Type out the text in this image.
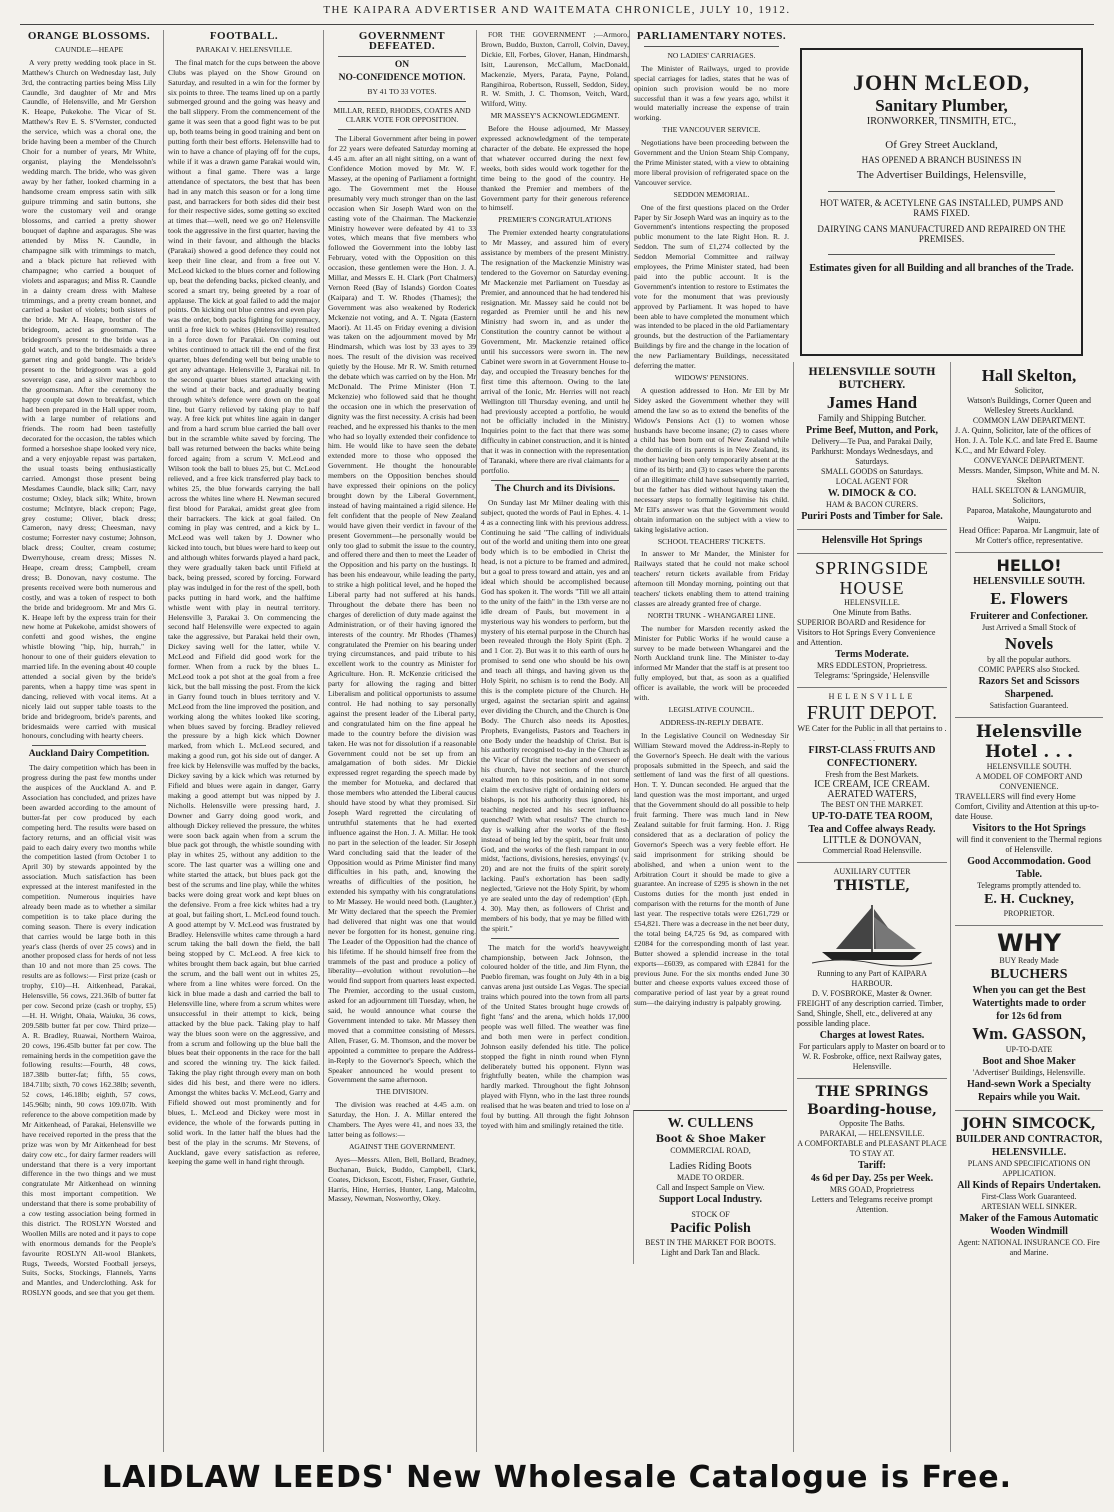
THE KAIPARA ADVERTISER AND WAITEMATA CHRONICLE, JULY 10, 1912.
ORANGE BLOSSOMS.
CAUNDLE—HEAPE

A very pretty wedding took place in St. Matthew's Church on Wednesday last, July 3rd, the contracting parties being Miss Lily Caundle, 3rd daughter of Mr and Mrs Caundle, of Helensville, and Mr Gershon K. Heape, Pukekohe. The Vicar of St. Matthew's Rev E. S. S'Vernster, conducted the service, which was a choral one, the bride having been a member of the Church Choir for a number of years, Mr White, organist, playing the Mendelssohn's wedding march. The bride, who was given away by her father, looked charming in a handsome cream empress satin with silk guipure trimming and satin buttons, she wore the customary veil and orange blossoms, and carried a pretty shower bouquet of daphne and asparagus. She was attended by Miss N. Caundle, in champagne silk with trimmings to match, and a black picture hat relieved with champagne; who carried a bouquet of violets and asparagus; and Miss R. Caundle in a dainty cream dress with Maltese trimmings, and a pretty cream bonnet, and carried a basket of violets; both sisters of the bride. Mr A. Heape, brother of the bridegroom, acted as groomsman. The bridegroom's present to the bride was a gold watch, and to the bridesmaids a three garnet ring and gold bangle. The bride's present to the bridegroom was a gold sovereign case, and a silver matchbox to the groomsman. After the ceremony the happy couple sat down to breakfast, which had been prepared in the Hall upper room, with a large number of relations and friends. The room had been tastefully decorated for the occasion, the tables which formed a horseshoe shape looked very nice, and a very enjoyable repast was partaken, the usual toasts being enthusiastically carried. Amongst those present being Mesdames Caundle, black silk; Carr, navy costume; Oxley, black silk; White, brown costume; McIntyre, black crepon; Page, grey costume; Oliver, black dress; Cameron, navy dress; Cheesman, navy costume; Forrester navy costume; Johnson, black dress; Coulter, cream costume; Dwerryhouse, cream dress; Misses N. Heape, cream dress; Campbell, cream dress; B. Donovan, navy costume. The presents received were both numerous and costly, and was a token of respect to both the bride and bridegroom. Mr and Mrs G. K. Heape left by the express train for their new home at Pukekohe, amidst showers of confetti and good wishes, the engine whistle blowing "hip, hip, hurrah," in honour to one of their guiders elevation to married life. In the evening about 40 couple attended a social given by the bride's parents, when a happy time was spent in dancing, relieved with vocal items. At a nicely laid out supper table toasts to the bride and bridegroom, bride's parents, and bridesmaids were carried with musical honours, concluding with hearty cheers.

Auckland Dairy Competition.

The dairy competition which has been in progress during the past few months under the auspices of the Auckland A. and P. Association has concluded, and prizes have been awarded according to the amount of butter-fat per cow produced by each competing herd. The results were based on factory returns, and an official visit was paid to each dairy every two months while the competition lasted (from October 1 to April 30) by stewards appointed by the association. Much satisfaction has been expressed at the interest manifested in the competition. Numerous inquiries have already been made as to whether a similar competition is to take place during the coming season. There is every indication that carries would be large both in this year's class (herds of over 25 cows) and in another proposed class for herds of not less than 10 and not more than 25 cows. The results are as follows:— First prize (cash or trophy, £10)—H. Aitkenhead, Parakai, Helensville, 56 cows, 221.36lb of butter fat per cow. Second prize (cash or trophy, £5)—H. H. Wright, Ohaia, Waiuku, 36 cows, 209.58lb butter fat per cow. Third prize—A. R. Bradley, Ruawai, Northern Wairoa, 20 cows, 196.45lb butter fat per cow. The remaining herds in the competition gave the following results:—Fourth, 48 cows, 187.38lb butter-fat; fifth, 55 cows, 184.71lb; sixth, 70 cows 162.38lb; seventh, 52 cows, 146.18lb; eighth, 57 cows, 145.96lb; ninth, 90 cows 109.07lb. With reference to the above competition made by Mr Aitkenhead, of Parakai, Helensville we have received reported in the press that the prize was won by Mr Aitkenhead for best dairy cow etc., for dairy farmer readers will understand that there is a very important difference in the two things and we must congratulate Mr Aitkenhead on winning this most important competition. We understand that there is some probability of a cow testing association being formed in this district. The ROSLYN Worsted and Woollen Mills are noted and it pays to cope with enormous demands for the People's favourite ROSLYN All-wool Blankets, Rugs, Tweeds, Worsted Football jerseys, Suits, Socks, Stockings, Flannels, Yarns and Mantles, and Underclothing. Ask for ROSLYN goods, and see that you get them.

FOOTBALL.
PARAKAI V. HELENSVILLE.

The final match for the cups between the above Clubs was played on the Show Ground on Saturday, and resulted in a win for the former by six points to three. The teams lined up on a partly submerged ground and the going was heavy and the ball slippery. From the commencement of the game it was seen that a good fight was to be put up, both teams being in good training and bent on putting forth their best efforts. Helensville had to win to have a chance of playing off for the cups, while if it was a drawn game Parakai would win, without a final game. There was a large attendance of spectators, the best that has been had in any match this season or for a long time past, and barrackers for both sides did their best for their respective sides, some getting so excited at times that—well, need we go on? Helensville took the aggressive in the first quarter, having the wind in their favour, and although the blacks (Parakai) showed a good defence they could not keep their line clear, and from a free out V. McLeod kicked to the blues corner and following up, beat the defending backs, picked cleanly, and scored a smart try, being greeted by a roar of applause. The kick at goal failed to add the major points. On kicking out blue centres and even play was the order, both packs fighting for supremacy, until a free kick to whites (Helensville) resulted in a force down for Parakai. On coming out whites continued to attack till the end of the first quarter, blues defending well but being unable to get any advantage. Helensville 3, Parakai nil. In the second quarter blues started attacking with the wind at their back, and gradually beating through white's defence were down on the goal line, but Garry relieved by taking play to half way. A free kick put whites line again in danger and from a hard scrum blue carried the ball over but in the scramble white saved by forcing. The ball was returned between the backs white being forced again; from a scrum V. McLeod and Wilson took the ball to blues 25, but C. McLeod relieved, and a free kick transferred play back to whites 25, the blue forwards carrying the ball across the whites line where H. Newman secured first blood for Parakai, amidst great glee from their barrackers. The kick at goal failed. On coming in play was centred, and a kick by L. McLeod was well taken by J. Downer who kicked into touch, but blues were hard to keep out and although whites forwards played a hard pack, they were gradually taken back until Fifield at back, being pressed, scored by forcing. Forward play was indulged in for the rest of the spell, both packs putting in hard work, and the halftime whistle went with play in neutral territory. Helensville 3, Parakai 3. On commencing the second half Helensville were expected to again take the aggressive, but Parakai held their own, Dickey saving well for the latter, while V. McLeod and Fifield did good work for the former. When from a ruck by the blues L. McLeod took a pot shot at the goal from a free kick, but the ball missing the post. From the kick in Garry found touch in blues territory and V. McLeod from the line improved the position, and working along the whites looked like scoring, when blues saved by forcing. Bradley relieved the pressure by a high kick which Downer marked, from which L. McLeod secured, and making a good run, got his side out of danger. A free kick by Helensville was muffed by the backs, Dickey saving by a kick which was returned by Fifield and blues were again in danger, Garry making a good attempt but was nipped by J. Nicholls. Helensville were pressing hard, J. Downer and Garry doing good work, and although Dickey relieved the pressure, the whites were soon back again when from a scrum the blue pack got through, the whistle sounding with play in whites 25, without any addition to the score. The last quarter was a willing one and white started the attack, but blues pack got the best of the scrums and line play, while the whites backs were doing great work and kept blues on the defensive. From a free kick whites had a try at goal, but failing short, L. McLeod found touch. A good attempt by V. McLeod was frustrated by Bradley. Helensville whites came through a hard scrum taking the ball down the field, the ball being stopped by C. McLeod. A free kick to whites brought them back again, but blue carried the scrum, and the ball went out in whites 25, where from a line whites were forced. On the kick in blue made a dash and carried the ball to Helensville line, where from a scrum whites were unsuccessful in their attempt to kick, being attacked by the blue pack. Taking play to half way the blues soon were on the aggressive, and from a scrum and following up the blue ball the blues beat their opponents in the race for the ball and scored the winning try. The kick failed. Taking the play right through every man on both sides did his best, and there were no idlers. Amongst the whites backs V. McLeod, Garry and Fifield showed out most prominently and for blues, L. McLeod and Dickey were most in evidence, the whole of the forwards putting in solid work. In the latter half the blues had the best of the play in the scrums. Mr Stevens, of Auckland, gave every satisfaction as referee, keeping the game well in hand right through.

GOVERNMENT DEFEATED.
ON
NO-CONFIDENCE MOTION.
BY 41 TO 33 VOTES.
MILLAR, REED, RHODES, COATES AND CLARK VOTE FOR OPPOSITION.

The Liberal Government after being in power for 22 years were defeated Saturday morning at 4.45 a.m. after an all night sitting, on a want of Confidence Motion moved by Mr. W. F. Massey, at the opening of Parliament a fortnight ago. The Government met the House presumably very much stronger than on the last occasion when Sir Joseph Ward won on the casting vote of the Chairman. The Mackenzie Ministry however were defeated by 41 to 33 votes, which means that five members who followed the Government into the lobby last February, voted with the Opposition on this occasion, these gentlemen were the Hon. J. A. Millar, and Messrs E. H. Clark (Port Chalmers) Vernon Reed (Bay of Islands) Gordon Coates (Kaipara) and T. W. Rhodes (Thames); the Government was also weakened by Roderick Mckenzie not voting, and A. T. Ngata (Eastern Maori). At 11.45 on Friday evening a division was taken on the adjournment moved by Mr Hindmarsh, which was lost by 33 ayes to 39 noes. The result of the division was received quietly by the House. Mr R. W. Smith returned the debate which was carried on by the Hon. Mr McDonald. The Prime Minister (Hon T. Mckenzie) who followed said that he thought the occasion one in which the preservation of dignity was the first necessity. A crisis had been reached, and he expressed his thanks to the men who had so loyally extended their confidence to him. He would like to have seen the debate extended more to those who opposed the Government. He thought the honourable members on the Opposition benches should have expressed their opinions on the policy brought down by the Liberal Government, instead of having maintained a rigid silence. He felt confident that the people of New Zealand would have given their verdict in favour of the present Government—he personally would be only too glad to submit the issue to the country, and offered there and then to meet the Leader of the Opposition and his party on the hustings. It has been his endeavour, while leading the party, to strike a high political level, and he hoped the Liberal party had not suffered at his hands. Throughout the debate there has been no charges of dereliction of duty made against the Administration, or of their having ignored the interests of the country. Mr Rhodes (Thames) congratulated the Premier on his bearing under trying circumstances, and paid tribute to his excellent work to the country as Minister for Agriculture. Hon. R. McKenzie criticised the party for allowing the raging and bitter Liberalism and political opportunists to assume control. He had nothing to say personally against the present leader of the Liberal party, and congratulated him on the fine appeal he made to the country before the division was taken. He was not for dissolution if a reasonable Government could not be set up from an amalgamation of both sides. Mr Dickie expressed regret regarding the speech made by the member for Motueka, and declared that those members who attended the Liberal caucus should have stood by what they promised. Sir Joseph Ward regretted the circulating of untruthful statements that he had exerted influence against the Hon. J. A. Millar. He took no part in the selection of the leader. Sir Joseph Ward concluding said that the leader of the Opposition would as Prime Minister find many difficulties in his path, and, knowing the wreaths of difficulties of the position, he extended his sympathy with his congratulations to Mr Massey. He would need both. (Laughter.) Mr Witty declared that the speech the Premier had delivered that night was one that would never be forgotten for its honest, genuine ring. The Leader of the Opposition had the chance of his lifetime. If he should himself free from the trammels of the past and produce a policy of liberality—evolution without revolution—he would find support from quarters least expected. The Premier, according to the usual custom, asked for an adjournment till Tuesday, when, he said, he would announce what course the Government intended to take. Mr Massey then moved that a committee consisting of Messrs. Allen, Fraser, G. M. Thomson, and the mover be appointed a committee to prepare the Address-in-Reply to the Governor's Speech, which the Speaker announced he would present to Government the same afternoon.

THE DIVISION.

The division was reached at 4.45 a.m. on Saturday, the Hon. J. A. Millar entered the Chambers. The Ayes were 41, and noes 33, the latter being as follows:—

AGAINST THE GOVERNMENT.

Ayes—Messrs. Allen, Bell, Bollard, Bradney, Buchanan, Buick, Buddo, Campbell, Clark, Coates, Dickson, Escott, Fisher, Fraser, Guthrie, Harris, Hine, Herries, Hunter, Lang, Malcolm, Massey, Newman, Nosworthy, Okey.

FOR THE GOVERNMENT ;—Armoro, Brown, Buddo, Buxton, Carroll, Colvin, Davey, Dickie, Ell, Forbes, Glover, Hanan, Hindmarsh, Isitt, Laurenson, McCallum, MacDonald, Mackenzie, Myers, Parata, Payne, Poland, Rangihiroa, Robertson, Russell, Seddon, Sidey, R. W. Smith, J. C. Thomson, Veitch, Ward, Wilford, Witty.

MR MASSEY'S ACKNOWLEDGMENT.

Before the House adjourned, Mr Massey expressed acknowledgment of the temperate character of the debate. He expressed the hope that whatever occurred during the next few weeks, both sides would work together for the time being to the good of the country. He thanked the Premier and members of the Government party for their generous reference to himself.

PREMIER'S CONGRATULATIONS

The Premier extended hearty congratulations to Mr Massey, and assured him of every assistance by members of the present Ministry. The resignation of the Mackenzie Ministry was tendered to the Governor on Saturday evening. Mr Mackenzie met Parliament on Tuesday as Premier, and announced that he had tendered his resignation. Mr. Massey said he could not be regarded as Premier until he and his new Ministry had sworn in, and as under the Constitution the country cannot be without a Government, Mr. Mackenzie retained office until his successors were sworn in. The new Cabinet were sworn in at Government House to-day, and occupied the Treasury benches for the first time this afternoon. Owing to the late arrival of the Ionic, Mr. Herries will not reach Wellington till Thursday evening, and until he had previously accepted a portfolio, he would not be officially included in the Ministry. Inquiries point to the fact that there was some difficulty in cabinet construction, and it is hinted that it was in connection with the representation of Taranaki, where there are rival claimants for a portfolio.

The Church and its Divisions.

On Sunday last Mr Milner dealing with this subject, quoted the words of Paul in Ephes. 4. 1-4 as a connecting link with his previous address. Continuing he said "The calling of individuals out of the world and uniting them into one great body which is to be embodied in Christ the head, is not a picture to be framed and admired, but a goal to press toward and attain, yes and an ideal which should be accomplished because God has spoken it. The words "Till we all attain to the unity of the faith" in the 13th verse are no idle dream of Pauls, but movement in a mysterious way his wonders to perform, but the mystery of his eternal purpose in the Church has been revealed through the Holy Spirit (Eph. 2 and 1 Cor. 2). But was it to this earth of ours he promised to send one who should be his own and teach all things, and having given us the Holy Spirit, no schism is to rend the Body. All this is the complete picture of the Church. He urged, against the sectarian spirit and against ever dividing the Church, and the Church is One Body. The Church also needs its Apostles, Prophets, Evangelists, Pastors and Teachers in one Body under the headship of Christ. But is his authority recognised to-day in the Church as the Vicar of Christ the teacher and overseer of his church, have not sections of the church exalted men to this position, and in not some claim the exclusive right of ordaining elders or bishops, is not his authority thus ignored, his teaching neglected and his secret influence quenched? With what results? The church to-day is walking after the works of the flesh instead of being led by the spirit, bear fruit unto God, and the works of the flesh rampant in our midst, 'factions, divisions, heresies, envyings' (v. 20) and are not the fruits of the spirit sorely lacking. Paul's exhortation has been sadly neglected, 'Grieve not the Holy Spirit, by whom ye are sealed unto the day of redemption' (Eph. 4. 30). May then, as followers of Christ and members of his body, that ye may be filled with the spirit."

The match for the world's heavyweight championship, between Jack Johnson, the coloured holder of the title, and Jim Flynn, the Pueblo fireman, was fought on July 4th in a big canvas arena just outside Las Vegas. The special trains which poured into the town from all parts of the United States brought huge crowds of fight 'fans' and the arena, which holds 17,000 people was well filled. The weather was fine and both men were in perfect condition. Johnson easily defended his title. The police stopped the fight in ninth round when Flynn deliberately butted his opponent. Flynn was frightfully beaten, while the champion was hardly marked. Throughout the fight Johnson played with Flynn, who in the last three rounds realised that he was beaten and tried to lose on a foul by butting. All through the fight Johnson toyed with him and smilingly retained the title.

PARLIAMENTARY NOTES.
NO LADIES' CARRIAGES.

The Minister of Railways, urged to provide special carriages for ladies, states that he was of opinion such provision would be no more successful than it was a few years ago, whilst it would materially increase the expense of train working.

THE VANCOUVER SERVICE.

Negotiations have been proceeding between the Government and the Union Steam Ship Company, the Prime Minister stated, with a view to obtaining more liberal provision of refrigerated space on the Vancouver service.

SEDDON MEMORIAL.

One of the first questions placed on the Order Paper by Sir Joseph Ward was an inquiry as to the Government's intentions respecting the proposed public monument to the late Right Hon. R. J. Seddon. The sum of £1,274 collected by the Seddon Memorial Committee and railway employees, the Prime Minister stated, had been paid into the public account. It is the Government's intention to restore to Estimates the vote for the monument that was previously approved by Parliament. It was hoped to have been able to have completed the monument which was intended to be placed in the old Parliamentary grounds, but the destruction of the Parliamentary Buildings by fire and the change in the location of the new Parliamentary Buildings, necessitated deferring the matter.

WIDOWS' PENSIONS.

A question addressed to Hon. Mr Ell by Mr Sidey asked the Government whether they will amend the law so as to extend the benefits of the Widow's Pensions Act (1) to women whose husbands have become insane; (2) to cases where a child has been born out of New Zealand while the domicile of its parents is in New Zealand, its mother having been only temporarily absent at the time of its birth; and (3) to cases where the parents of an illegitimate child have subsequently married, but the father has died without having taken the necessary steps to formally legitimise his child. Mr Ell's answer was that the Government would obtain information on the subject with a view to taking legislative action.

SCHOOL TEACHERS' TICKETS.

In answer to Mr Mander, the Minister for Railways stated that he could not make school teachers' return tickets available from Friday afternoon till Monday morning, pointing out that teachers' tickets enabling them to attend training classes are already granted free of charge.

NORTH TRUNK - WHANGAREI LINE.

The number for Marsden recently asked the Minister for Public Works if he would cause a survey to be made between Whangarei and the North Auckland trunk line. The Minister to-day informed Mr Mander that the staff is at present too fully employed, but that, as soon as a qualified officer is available, the work will be proceeded with.

LEGISLATIVE COUNCIL.
ADDRESS-IN-REPLY DEBATE.

In the Legislative Council on Wednesday Sir William Steward moved the Address-in-Reply to the Governor's Speech. He dealt with the various proposals submitted in the Speech, and said the settlement of land was the first of all questions. Hon. T. Y. Duncan seconded. He argued that the land question was the most important, and urged that the Government should do all possible to help fruit farming. There was much land in New Zealand suitable for fruit farming. Hon. J. Rigg considered that as a declaration of policy the Governor's Speech was a very feeble effort. He said imprisonment for striking should be abolished, and when a union went to the Arbitration Court it should be made to give a guarantee. An increase of £295 is shown in the net Customs duties for the month just ended in comparison with the returns for the month of June last year. The respective totals were £261,729 or £54,821. There was a decrease in the net beer duty, the total being £4,725 6s 9d, as compared with £2084 for the corresponding month of last year. Butter showed a splendid increase in the total exports—£6039, as compared with £2841 for the previous June. For the six months ended June 30 butter and cheese exports values exceed those of comparative period of last year by a great round sum—the dairying industry is palpably growing.

W. CULLENS
Boot & Shoe Maker
COMMERCIAL ROAD,
Ladies Riding Boots
MADE TO ORDER.
Call and Inspect Sample on View.
Support Local Industry.
STOCK OF
Pacific Polish
BEST IN THE MARKET FOR BOOTS.
Light and Dark Tan and Black.
JOHN McLEOD,
Sanitary Plumber,
IRONWORKER, TINSMITH, ETC.,
Of Grey Street Auckland,
HAS OPENED A BRANCH BUSINESS IN
The Advertiser Buildings, Helensville,
HOT WATER, & ACETYLENE GAS INSTALLED, PUMPS AND RAMS FIXED.
DAIRYING CANS MANUFACTURED AND REPAIRED ON THE PREMISES.
Estimates given for all Building and all branches of the Trade.
HELENSVILLE SOUTH
BUTCHERY.
James Hand
Family and Shipping Butcher.
Prime Beef, Mutton, and Pork,
Delivery—Te Pua, and Parakai Daily, Parkhurst: Mondays Wednesdays, and Saturdays.
SMALL GOODS on Saturdays.
LOCAL AGENT FOR
W. DIMOCK & CO.
HAM & BACON CURERS.
Puriri Posts and Timber for Sale.
Helensville Hot Springs
SPRINGSIDE
HOUSE
HELENSVILLE.
One Minute from Baths.
SUPERIOR BOARD and Residence for Visitors to Hot Springs Every Convenience and Attention.
Terms Moderate.
MRS EDDLESTON, Proprietress.
Telegrams: 'Springside,' Helensville
HELENSVILLE
FRUIT DEPOT.
WE Cater for the Public in all that pertains to . . .
FIRST-CLASS FRUITS AND CONFECTIONERY.
Fresh from the Best Markets.
ICE CREAM, ICE CREAM.
AERATED WATERS,
The BEST ON THE MARKET.
UP-TO-DATE TEA ROOM,
Tea and Coffee always Ready.
LITTLE & DONOVAN,
Commercial Road Helensville.
AUXILIARY CUTTER
THISTLE,
Running to any Part of KAIPARA HARBOUR.
D. V. FOSBROKE, Master & Owner.
FREIGHT of any description carried. Timber, Sand, Shingle, Shell, etc., delivered at any possible landing place.
Charges at lowest Rates.
For particulars apply to Master on board or to W. R. Fosbroke, office, next Railway gates, Helensville.
THE SPRINGS
Boarding-house,
Opposite The Baths.
PARAKAI, — HELENSVILLE.
A COMFORTABLE and PLEASANT PLACE TO STAY AT.
Tariff:
4s 6d per Day. 25s per Week.
MRS GOAD, Proprietress
Letters and Telegrams receive prompt Attention.
Hall Skelton,
Solicitor,
Watson's Buildings, Corner Queen and Wellesley Streets Auckland.
COMMON LAW DEPARTMENT.
J. A. Quinn, Solicitor, late of the offices of Hon. J. A. Tole K.C. and late Fred E. Baume K.C., and Mr Edward Foley.
CONVEYANCE DEPARTMENT.
Messrs. Mander, Simpson, White and M. N. Skelton
HALL SKELTON & LANGMUIR,
Solicitors,
Paparoa, Matakohe, Maungaturoto and Waipu.
Head Office: Paparoa. Mr Langmuir, late of Mr Cotter's office, representative.
HELLO!
HELENSVILLE SOUTH.
E. Flowers
Fruiterer and Confectioner.
Just Arrived a Small Stock of
Novels
by all the popular authors.
COMIC PAPERS also Stocked.
Razors Set and Scissors Sharpened.
Satisfaction Guaranteed.
Helensville
Hotel . . .
HELENSVILLE SOUTH.
A MODEL OF COMFORT AND CONVENIENCE.
TRAVELLERS will find every Home Comfort, Civility and Attention at this up-to-date House.
Visitors to the Hot Springs
will find it convenient to the Thermal regions of Helensville.
Good Accommodation. Good Table.
Telegrams promptly attended to.
E. H. Cuckney,
PROPRIETOR.
WHY
BUY Ready Made
BLUCHERS
When you can get the Best Watertights made to order
for 12s 6d from
Wm. GASSON,
UP-TO-DATE
Boot and Shoe Maker
'Advertiser' Buildings, Helensville.
Hand-sewn Work a Specialty Repairs while you Wait.
JOHN SIMCOCK,
BUILDER AND CONTRACTOR,
HELENSVILLE.
PLANS AND SPECIFICATIONS ON APPLICATION.
All Kinds of Repairs Undertaken.
First-Class Work Guaranteed.
ARTESIAN WELL SINKER.
Maker of the Famous Automatic Wooden Windmill
Agent: NATIONAL INSURANCE CO. Fire and Marine.
LAIDLAW LEEDS' New Wholesale Catalogue is Free.
